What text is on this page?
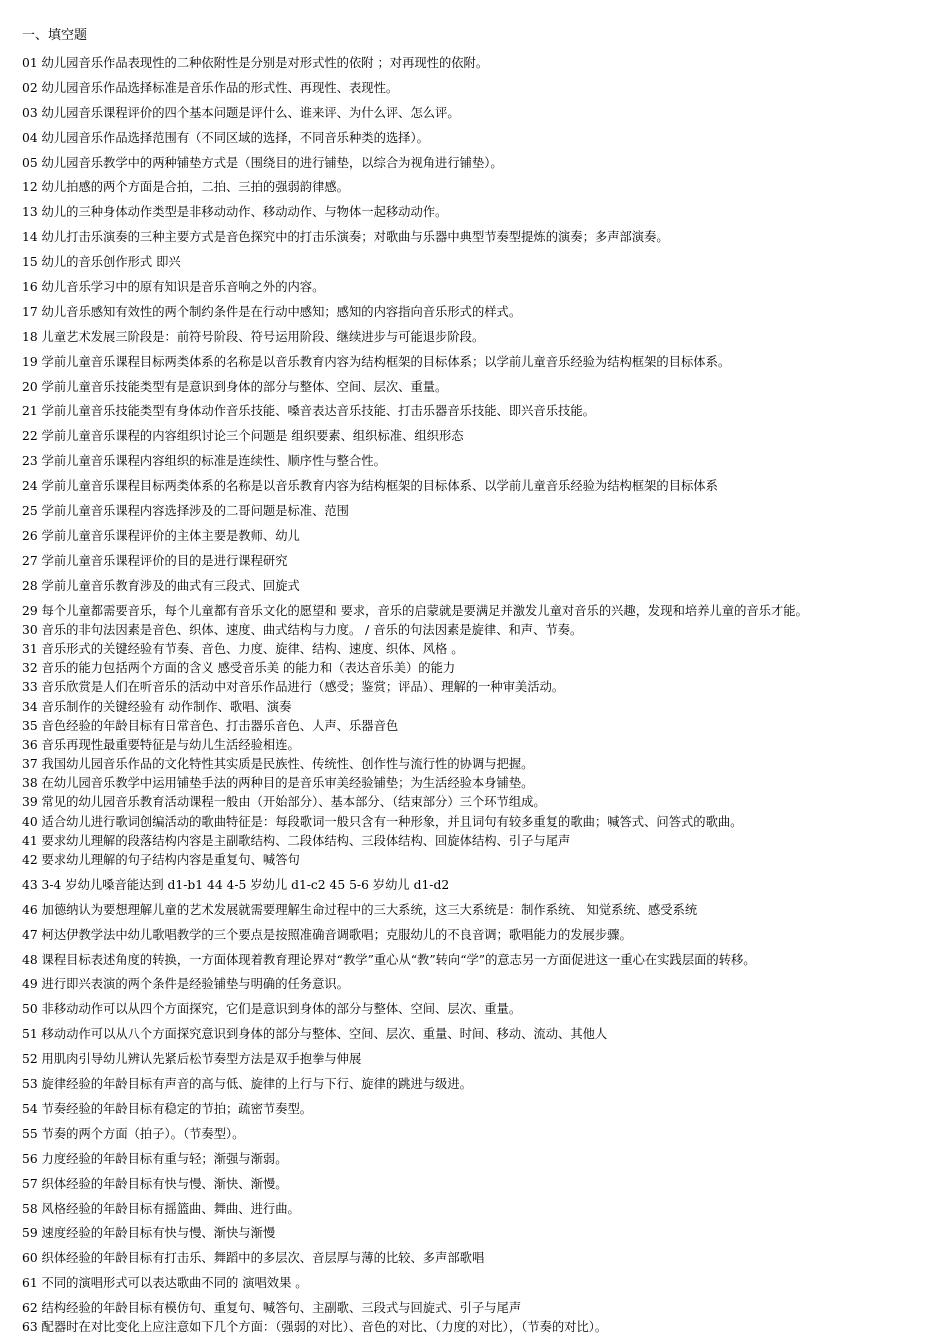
一、填空题
01 幼儿园音乐作品表现性的二种依附性是分别是对形式性的依附 ；对再现性的依附。
02 幼儿园音乐作品选择标准是音乐作品的形式性、再现性、表现性。
03 幼儿园音乐课程评价的四个基本问题是评什么、谁来评、为什么评、怎么评。
04 幼儿园音乐作品选择范围有（不同区域的选择，不同音乐种类的选择）。
05 幼儿园音乐教学中的两种铺垫方式是（围绕目的进行铺垫，以综合为视角进行铺垫）。
12 幼儿拍感的两个方面是合拍，二拍、三拍的强弱韵律感。
13 幼儿的三种身体动作类型是非移动动作、移动动作、与物体一起移动动作。
14 幼儿打击乐演奏的三种主要方式是音色探究中的打击乐演奏；对歌曲与乐器中典型节奏型提炼的演奏；多声部演奏。
15 幼儿的音乐创作形式 即兴
16 幼儿音乐学习中的原有知识是音乐音响之外的内容。
17 幼儿音乐感知有效性的两个制约条件是在行动中感知；感知的内容指向音乐形式的样式。
18 儿童艺术发展三阶段是：前符号阶段、符号运用阶段、继续进步与可能退步阶段。
19 学前儿童音乐课程目标两类体系的名称是以音乐教育内容为结构框架的目标体系；以学前儿童音乐经验为结构框架的目标体系。
20 学前儿童音乐技能类型有是意识到身体的部分与整体、空间、层次、重量。
21 学前儿童音乐技能类型有身体动作音乐技能、嗓音表达音乐技能、打击乐器音乐技能、即兴音乐技能。
22 学前儿童音乐课程的内容组织讨论三个问题是 组织要素、组织标准、组织形态
23 学前儿童音乐课程内容组织的标准是连续性、顺序性与整合性。
24 学前儿童音乐课程目标两类体系的名称是以音乐教育内容为结构框架的目标体系、以学前儿童音乐经验为结构框架的目标体系
25 学前儿童音乐课程内容选择涉及的二哥问题是标准、范围
26 学前儿童音乐课程评价的主体主要是教师、幼儿
27 学前儿童音乐课程评价的目的是进行课程研究
28 学前儿童音乐教育涉及的曲式有三段式、回旋式
29 每个儿童都需要音乐，每个儿童都有音乐文化的愿望和 要求，音乐的启蒙就是要满足并激发儿童对音乐的兴趣，发现和培养儿童的音乐才能。
30 音乐的非句法因素是音色、织体、速度、曲式结构与力度。 / 音乐的句法因素是旋律、和声、节奏。
31 音乐形式的关键经验有节奏、音色、力度、旋律、结构、速度、织体、风格 。
32 音乐的能力包括两个方面的含义 感受音乐美 的能力和（表达音乐美）的能力
33 音乐欣赏是人们在听音乐的活动中对音乐作品进行（感受；鉴赏；评品）、理解的一种审美活动。
34 音乐制作的关键经验有 动作制作、歌唱、演奏
35 音色经验的年龄目标有日常音色、打击器乐音色、人声、乐器音色
36 音乐再现性最重要特征是与幼儿生活经验相连。
37 我国幼儿园音乐作品的文化特性其实质是民族性、传统性、创作性与流行性的协调与把握。
38 在幼儿园音乐教学中运用铺垫手法的两种目的是音乐审美经验铺垫；为生活经验本身铺垫。
39 常见的幼儿园音乐教育活动课程一般由（开始部分）、基本部分、（结束部分）三个环节组成。
40 适合幼儿进行歌词创编活动的歌曲特征是：每段歌词一般只含有一种形象，并且词句有较多重复的歌曲；喊答式、问答式的歌曲。
41 要求幼儿理解的段落结构内容是主副歌结构、二段体结构、三段体结构、回旋体结构、引子与尾声
42 要求幼儿理解的句子结构内容是重复句、喊答句
43 3-4 岁幼儿嗓音能达到 d1-b1 44 4-5 岁幼儿 d1-c2 45 5-6 岁幼儿 d1-d2
46 加德纳认为要想理解儿童的艺术发展就需要理解生命过程中的三大系统，这三大系统是：制作系统、 知觉系统、感受系统
47 柯达伊教学法中幼儿歌唱教学的三个要点是按照准确音调歌唱；克服幼儿的不良音调；歌唱能力的发展步骤。
48 课程目标表述角度的转换，一方面体现着教育理论界对“教学”重心从“教”转向“学”的意志另一方面促进这一重心在实践层面的转移。
49 进行即兴表演的两个条件是经验铺垫与明确的任务意识。
50 非移动动作可以从四个方面探究，它们是意识到身体的部分与整体、空间、层次、重量。
51 移动动作可以从八个方面探究意识到身体的部分与整体、空间、层次、重量、时间、移动、流动、其他人
52 用肌肉引导幼儿辨认先紧后松节奏型方法是双手抱拳与伸展
53 旋律经验的年龄目标有声音的高与低、旋律的上行与下行、旋律的跳进与级进。
54 节奏经验的年龄目标有稳定的节拍；疏密节奏型。
55 节奏的两个方面（拍子）。（节奏型）。
56 力度经验的年龄目标有重与轻；渐强与渐弱。
57 织体经验的年龄目标有快与慢、渐快、渐慢。
58 风格经验的年龄目标有摇篮曲、舞曲、进行曲。
59 速度经验的年龄目标有快与慢、渐快与渐慢
60 织体经验的年龄目标有打击乐、舞蹈中的多层次、音层厚与薄的比较、多声部歌唱
61 不同的演唱形式可以表达歌曲不同的 演唱效果 。
62 结构经验的年龄目标有模仿句、重复句、喊答句、主副歌、三段式与回旋式、引子与尾声
63 配器时在对比变化上应注意如下几个方面：（强弱的对比）、音色的对比、（力度的对比），（节奏的对比）。
